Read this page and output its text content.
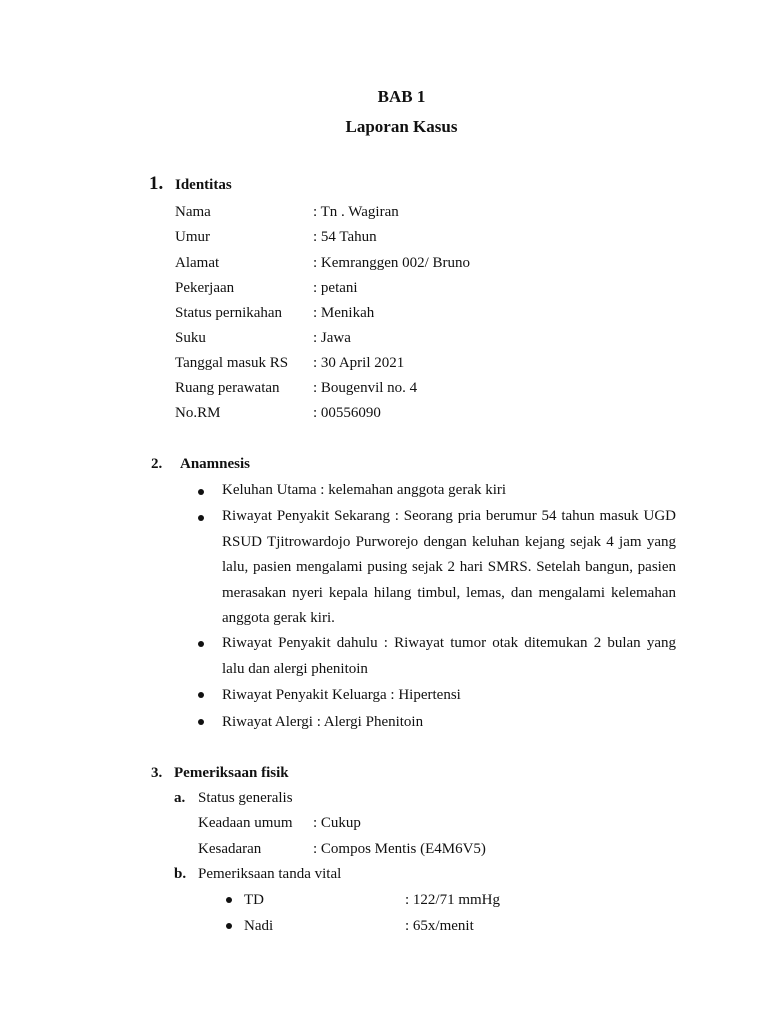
BAB 1
Laporan Kasus
1. Identitas
Nama	: Tn . Wagiran
Umur	: 54 Tahun
Alamat	: Kemranggen 002/ Bruno
Pekerjaan	: petani
Status pernikahan : Menikah
Suku	: Jawa
Tanggal masuk RS : 30 April 2021
Ruang perawatan : Bougenvil no. 4
No.RM	: 00556090
2. Anamnesis
Keluhan Utama : kelemahan anggota gerak kiri
Riwayat Penyakit Sekarang : Seorang pria berumur 54 tahun masuk UGD RSUD Tjitrowardojo Purworejo dengan keluhan kejang sejak 4 jam yang lalu, pasien mengalami pusing sejak 2 hari SMRS. Setelah bangun, pasien merasakan nyeri kepala hilang timbul, lemas, dan mengalami kelemahan anggota gerak kiri.
Riwayat Penyakit dahulu : Riwayat tumor otak ditemukan 2 bulan yang lalu dan alergi phenitoin
Riwayat Penyakit Keluarga : Hipertensi
Riwayat Alergi : Alergi Phenitoin
3. Pemeriksaan fisik
a. Status generalis
Keadaan umum : Cukup
Kesadaran	: Compos Mentis (E4M6V5)
b. Pemeriksaan tanda vital
TD	: 122/71 mmHg
Nadi	: 65x/menit
